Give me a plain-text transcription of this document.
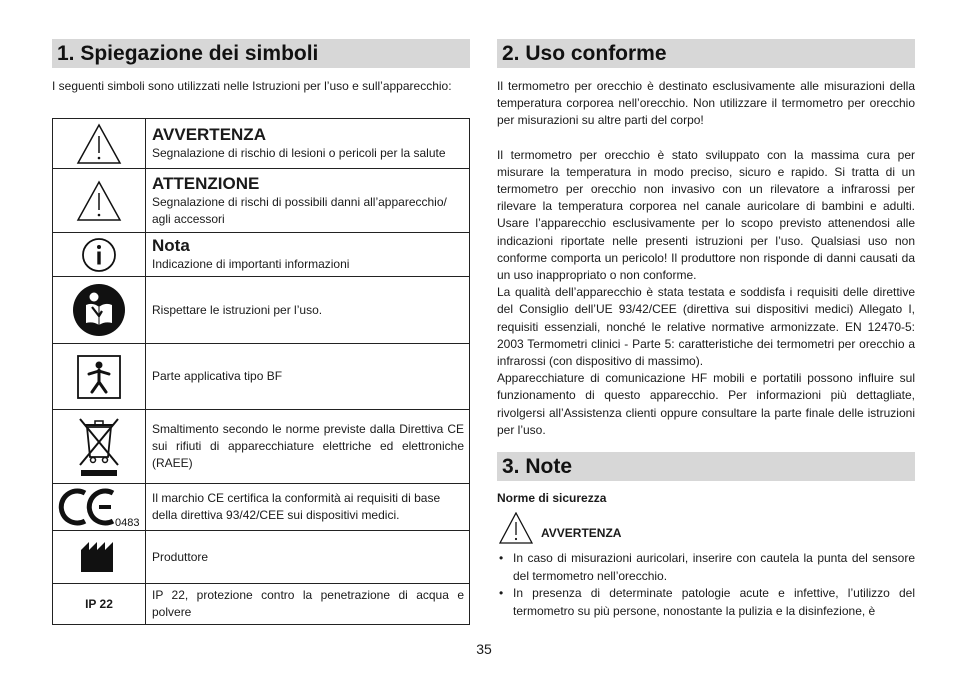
1. Spiegazione dei simboli
I seguenti simboli sono utilizzati nelle Istruzioni per l’uso e sull’apparecchio:

AVVERTENZA
Segnalazione di rischio di lesioni o pericoli per la salute

ATTENZIONE
Segnalazione di rischi di possibili danni all’apparecchio/ agli accessori

Nota
Indicazione di importanti informazioni

Rispettare le istruzioni per l’uso.

Parte applicativa tipo BF

Smaltimento secondo le norme previste dalla Direttiva CE sui rifiuti di apparecchiature elettriche ed elettroniche (RAEE)

0483	Il marchio CE certifica la conformità ai requisiti di base della direttiva 93/42/CEE sui dispositivi medici.

Produttore

IP 22	IP 22, protezione contro la penetrazione di acqua e polvere
2. Uso conforme

Il termometro per orecchio è destinato esclusivamente alle misurazioni della temperatura corporea nell’orecchio. Non utilizzare il termometro per orecchio per misurazioni su altre parti del corpo!

Il termometro per orecchio è stato sviluppato con la massima cura per misurare la temperatura in modo preciso, sicuro e rapido. Si tratta di un termometro per orecchio non invasivo con un rilevatore a infrarossi per rilevare la temperatura corporea nel canale auricolare di bambini e adulti. Usare l’apparecchio esclusivamente per lo scopo previsto attenendosi alle indicazioni riportate nelle presenti istruzioni per l’uso. Qualsiasi uso non conforme comporta un pericolo! Il produttore non risponde di danni causati da un uso inappropriato o non conforme.

La qualità dell’apparecchio è stata testata e soddisfa i requisiti delle direttive del Consiglio dell’UE 93/42/CEE (direttiva sui dispositivi medici) Allegato I, requisiti essenziali, nonché le relative normative armonizzate. EN 12470-5: 2003 Termometri clinici - Parte 5: caratteristiche dei termometri per orecchio a infrarossi (con dispositivo di massimo).

Apparecchiature di comunicazione HF mobili e portatili possono influire sul funzionamento di questo apparecchio. Per informazioni più dettagliate, rivolgersi all’Assistenza clienti oppure consultare la parte finale delle istruzioni per l’uso.

3. Note
Norme di sicurezza
AVVERTENZA
• In caso di misurazioni auricolari, inserire con cautela la punta del sensore del termometro nell’orecchio.
• In presenza di determinate patologie acute e infettive, l’utilizzo del termometro su più persone, nonostante la pulizia e la disinfezione, è
35
